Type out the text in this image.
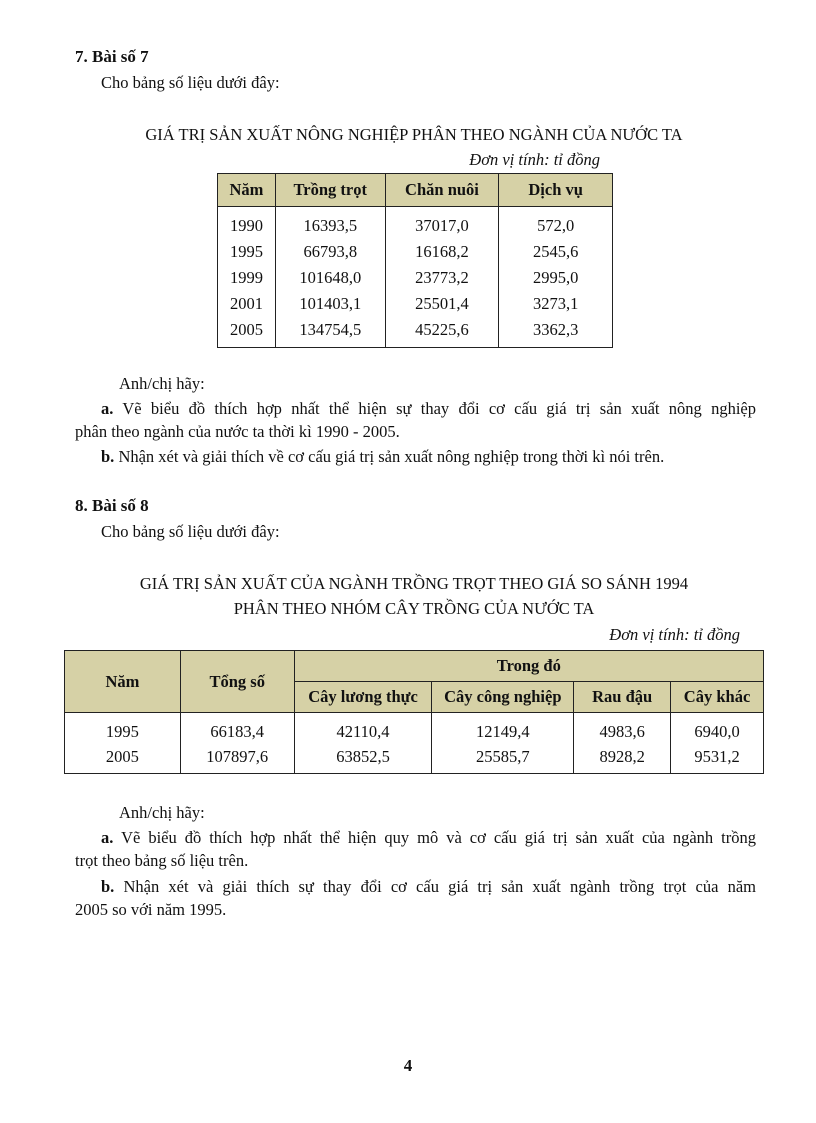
7. Bài số 7
Cho bảng số liệu dưới đây:
GIÁ TRỊ SẢN XUẤT NÔNG NGHIỆP PHÂN THEO NGÀNH CỦA NƯỚC TA
Đơn vị tính: tỉ đồng
Năm	Trồng trọt	Chăn nuôi	Dịch vụ
1990	16393,5	37017,0	572,0
1995	66793,8	16168,2	2545,6
1999	101648,0	23773,2	2995,0
2001	101403,1	25501,4	3273,1
2005	134754,5	45225,6	3362,3
Anh/chị hãy:
a. Vẽ biểu đồ thích hợp nhất thể hiện sự thay đổi cơ cấu giá trị sản xuất nông nghiệp
phân theo ngành của nước ta thời kì 1990 - 2005.
b. Nhận xét và giải thích về cơ cấu giá trị sản xuất nông nghiệp trong thời kì nói trên.
8. Bài số 8
Cho bảng số liệu dưới đây:
GIÁ TRỊ SẢN XUẤT CỦA NGÀNH TRỒNG TRỌT THEO GIÁ SO SÁNH 1994
PHÂN THEO NHÓM CÂY TRỒNG CỦA NƯỚC TA
Đơn vị tính: tỉ đồng
Năm	Tổng số	Trong đó			
		Cây lương thực	Cây công nghiệp	Rau đậu	Cây khác
1995	66183,4	42110,4	12149,4	4983,6	6940,0
2005	107897,6	63852,5	25585,7	8928,2	9531,2
Anh/chị hãy:
a. Vẽ biểu đồ thích hợp nhất thể hiện quy mô và cơ cấu giá trị sản xuất của ngành trồng
trọt theo bảng số liệu trên.
b. Nhận xét và giải thích sự thay đổi cơ cấu giá trị sản xuất ngành trồng trọt của năm
2005 so với năm 1995.
4
